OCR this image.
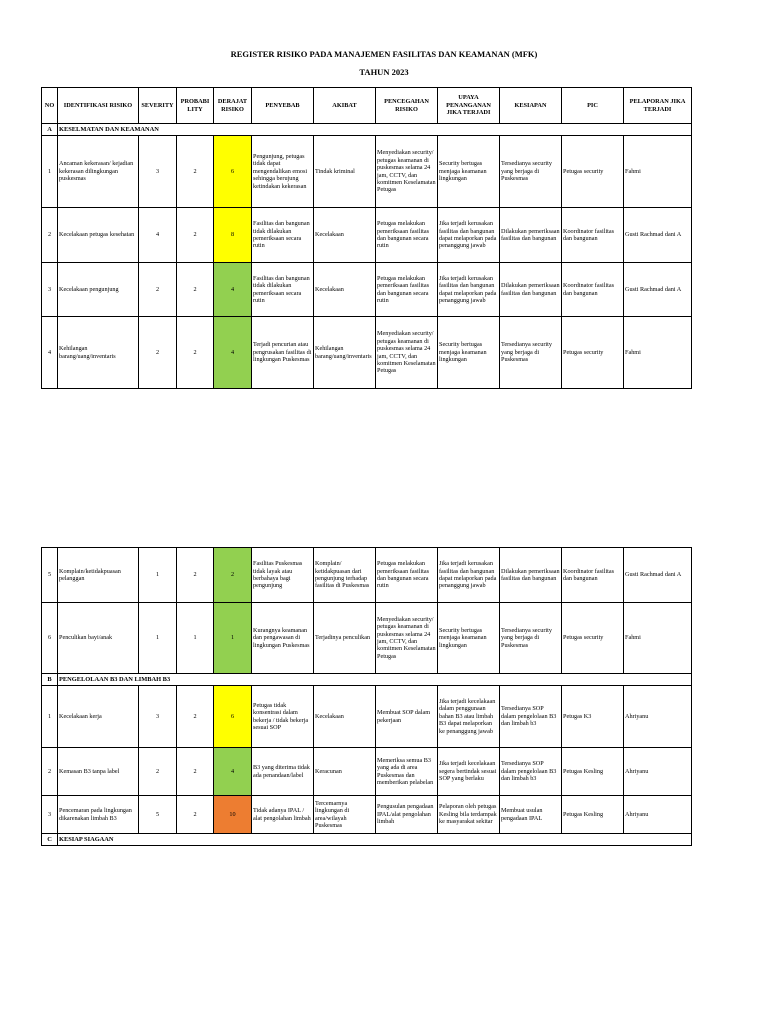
REGISTER RISIKO PADA MANAJEMEN FASILITAS DAN KEAMANAN (MFK)
TAHUN 2023
NO	IDENTIFIKASI RISIKO	SEVERITY	PROBABI LITY	DERAJAT RISIKO	PENYEBAB	AKIBAT	PENCEGAHAN RISIKO	UPAYA PENANGANAN JIKA TERJADI	KESIAPAN	PIC	PELAPORAN JIKA TERJADI
A	KESELMATAN DAN KEAMANAN										
1	Ancaman kekerasan/ kejadian kekerasan dilingkungan puskesmas	3	2	6	Pengunjung, petugas tidak dapat mengendalikan emosi sehingga berujung ketindakan kekerasan	Tindak kriminal	Menyediakan security/ petugas keamanan di puskesmas selama 24 jam, CCTV, dan komitmen Keselamatan Petugas	Security bertugas menjaga keamanan lingkungan	Tersedianya security yang berjaga di Puskesmas	Petugas security	Fahmi
2	Kecelakaan petugas kesehatan	4	2	8	Fasilitas dan bangunan tidak dilakukan pemeriksaan secara rutin	Kecelakaan	Petugas melakukan pemeriksaan fasilitas dan bangunan secara rutin	Jika terjadi kerusakan fasilitas dan bangunan dapat melaporkan pada penanggung jawab	Dilakukan pemeriksaan fasilitas dan bangunan	Koordinator fasilitas dan bangunan	Gusti Rachmad dani A
3	Kecelakaan pengunjung	2	2	4	Fasilitas dan bangunan tidak dilakukan pemeriksaan secara rutin	Kecelakaan	Petugas melakukan pemeriksaan fasilitas dan bangunan secara rutin	Jika terjadi kerusakan fasilitas dan bangunan dapat melaporkan pada penanggung jawab	Dilakukan pemeriksaan fasilitas dan bangunan	Koordinator fasilitas dan bangunan	Gusti Rachmad dani A
4	Kehilangan barang/uang/inventaris	2	2	4	Terjadi pencurian atau pengrusakan fasilitas di lingkungan Puskesmas	Kehilangan barang/uang/inventaris	Menyediakan security/ petugas keamanan di puskesmas selama 24 jam, CCTV, dan komitmen Keselamatan Petugas	Security bertugas menjaga keamanan lingkungan	Tersedianya security yang berjaga di Puskesmas	Petugas security	Fahmi
5	Komplain/ketidakpuasan pelanggan	1	2	2	Fasilitas Puskesmas tidak layak atau berbahaya bagi pengunjung	Komplain/ ketidakpuasan dari pengunjung terhadap fasilitas di Puskesmas	Petugas melakukan pemeriksaan fasilitas dan bangunan secara rutin	Jika terjadi kerusakan fasilitas dan bangunan dapat melaporkan pada penanggung jawab	Dilakukan pemeriksaan fasilitas dan bangunan	Koordinator fasilitas dan bangunan	Gusti Rachmad dani A
6	Penculikan bayi/anak	1	1	1	Kurangnya keamanan dan pengawasan di lingkungan Puskesmas	Terjadinya penculikan	Menyediakan security/ petugas keamanan di puskesmas selama 24 jam, CCTV, dan komitmen Keselamatan Petugas	Security bertugas menjaga keamanan lingkungan	Tersedianya security yang berjaga di Puskesmas	Petugas security	Fahmi
B	PENGELOLAAN B3 DAN LIMBAH B3										
1	Kecelakaan kerja	3	2	6	Petugas tidak konsentrasi dalam bekerja / tidak bekerja sesuai SOP	Kecelakaan	Membuat SOP dalam pekerjaan	Jika terjadi kecelakaan dalam penggunaan bahan B3 atau limbah B3 dapat melaporkan ke penanggung jawab	Tersedianya SOP dalam pengelolaan B3 dan limbah b3	Petugas K3	Ahriyanu
2	Kemasan B3 tanpa label	2	2	4	B3 yang diterima tidak ada penandaan/label	Keracunan	Memeriksa semua B3 yang ada di area Puskesmas dan memberikan pelabelan	Jika terjadi kecelakaan segera bertindak sesuai SOP yang berlaku	Tersedianya SOP dalam pengelolaan B3 dan limbah b3	Petugas Kesling	Ahriyanu
3	Pencemaran pada lingkungan dikarenakan limbah B3	5	2	10	Tidak adanya IPAL / alat pengolahan limbah	Tercemarnya lingkungan di area/wilayah Puskesmas	Pengusulan pengadaan IPAL/alat pengolahan limbah	Pelaporan oleh petugas Kesling bila terdampak ke masyarakat sekitar	Membuat usulan pengadaan IPAL	Petugas Kesling	Ahriyanu
C	KESIAP SIAGAAN										
